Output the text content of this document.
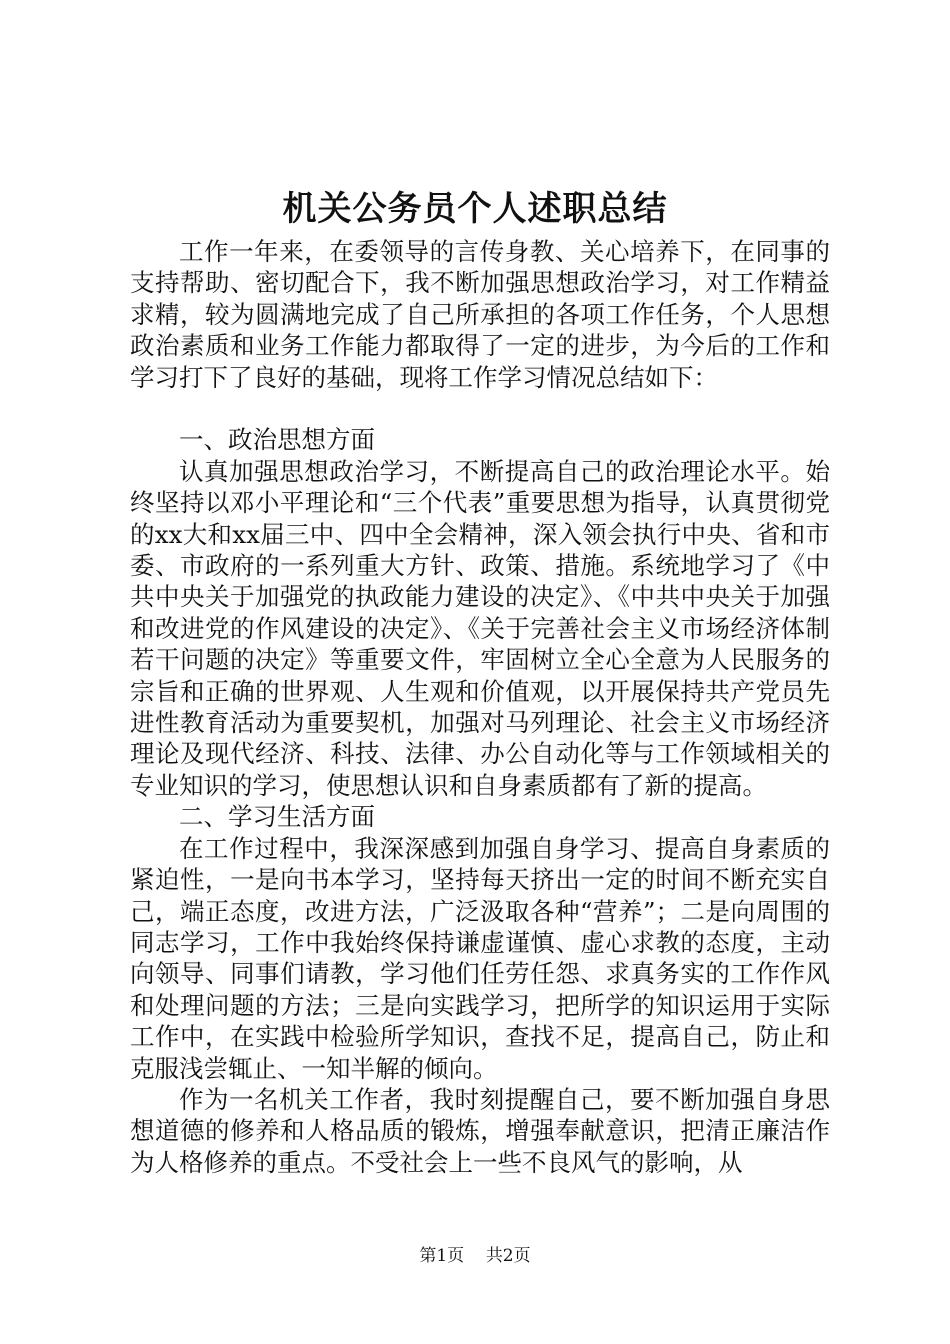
机关公务员个人述职总结

工作一年来，在委领导的言传身教、关心培养下，在同事的支持帮助、密切配合下，我不断加强思想政治学习，对工作精益求精，较为圆满地完成了自己所承担的各项工作任务，个人思想政治素质和业务工作能力都取得了一定的进步，为今后的工作和学习打下了良好的基础，现将工作学习情况总结如下：

一、政治思想方面

认真加强思想政治学习，不断提高自己的政治理论水平。始终坚持以邓小平理论和“三个代表”重要思想为指导，认真贯彻党的xx大和xx届三中、四中全会精神，深入领会执行中央、省和市委、市政府的一系列重大方针、政策、措施。系统地学习了《中共中央关于加强党的执政能力建设的决定》、《中共中央关于加强和改进党的作风建设的决定》、《关于完善社会主义市场经济体制若干问题的决定》等重要文件，牢固树立全心全意为人民服务的宗旨和正确的世界观、人生观和价值观，以开展保持共产党员先进性教育活动为重要契机，加强对马列理论、社会主义市场经济理论及现代经济、科技、法律、办公自动化等与工作领域相关的专业知识的学习，使思想认识和自身素质都有了新的提高。

二、学习生活方面

在工作过程中，我深深感到加强自身学习、提高自身素质的紧迫性，一是向书本学习，坚持每天挤出一定的时间不断充实自己，端正态度，改进方法，广泛汲取各种“营养”；二是向周围的同志学习，工作中我始终保持谦虚谨慎、虚心求教的态度，主动向领导、同事们请教，学习他们任劳任怨、求真务实的工作作风和处理问题的方法；三是向实践学习，把所学的知识运用于实际工作中，在实践中检验所学知识，查找不足，提高自己，防止和克服浅尝辄止、一知半解的倾向。

作为一名机关工作者，我时刻提醒自己，要不断加强自身思想道德的修养和人格品质的锻炼，增强奉献意识，把清正廉洁作为人格修养的重点。不受社会上一些不良风气的影响，从

第1页 共2页
